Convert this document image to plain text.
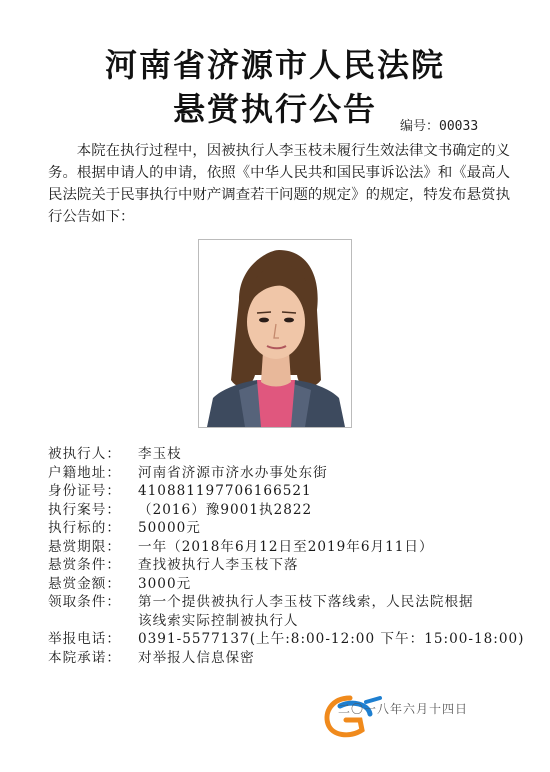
河南省济源市人民法院
悬赏执行公告	编号：00033
本院在执行过程中，因被执行人李玉枝未履行生效法律文书确定的义务。根据申请人的申请，依照《中华人民共和国民事诉讼法》和《最高人民法院关于民事执行中财产调查若干问题的规定》的规定，特发布悬赏执行公告如下：
被执行人： 李玉枝
户籍地址： 河南省济源市济水办事处东街
身份证号： 410881197706166521
执行案号： （2016）豫9001执2822
执行标的： 50000元
悬赏期限： 一年（2018年6月12日至2019年6月11日）
悬赏条件： 查找被执行人李玉枝下落
悬赏金额： 3000元
领取条件： 第一个提供被执行人李玉枝下落线索，人民法院根据该线索实际控制被执行人
举报电话： 0391-5577137(上午:8:00-12:00 下午：15:00-18:00)
本院承诺： 对举报人信息保密
二〇一八年六月十四日
